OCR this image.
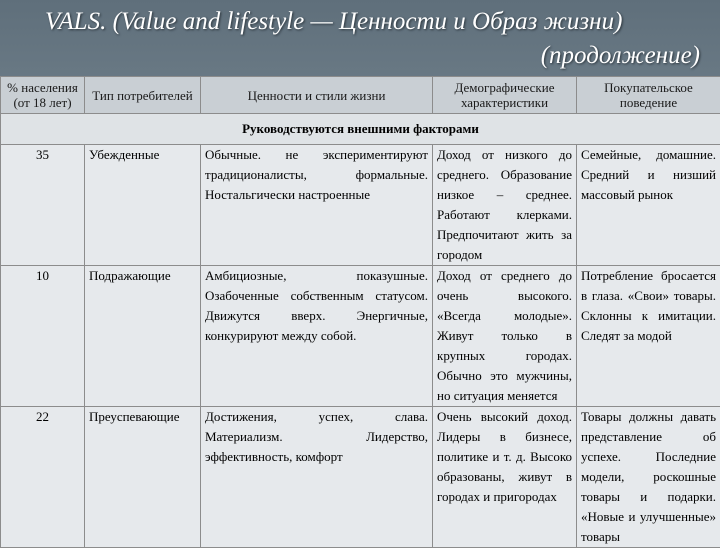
VALS. (Value and lifestyle — Ценности и Образ жизни)
(продолжение)
% населения (от 18 лет)	Тип потребителей	Ценности и стили жизни	Демографические характеристики	Покупательское поведение
Руководствуются внешними факторами				
35	Убежденные	Обычные. не экспериментируют традиционалисты, формальные. Ностальгически настроенные	Доход от низкого до среднего. Образование низкое – среднее. Работают клерками. Предпочитают жить за городом	Семейные, домашние. Средний и низший массовый рынок
10	Подражающие	Амбициозные, показушные. Озабоченные собственным статусом. Движутся вверх. Энергичные, конкурируют между собой.	Доход от среднего до очень высокого. «Всегда молодые». Живут только в крупных городах. Обычно это мужчины, но ситуация меняется	Потребление бросается в глаза. «Свои» товары. Склонны к имитации. Следят за модой
22	Преуспевающие	Достижения, успех, слава. Материализм. Лидерство, эффективность, комфорт	Очень высокий доход. Лидеры в бизнесе, политике и т. д. Высоко образованы, живут в городах и пригородах	Товары должны давать представление об успехе. Последние модели, роскошные товары и подарки. «Новые и улучшенные» товары
